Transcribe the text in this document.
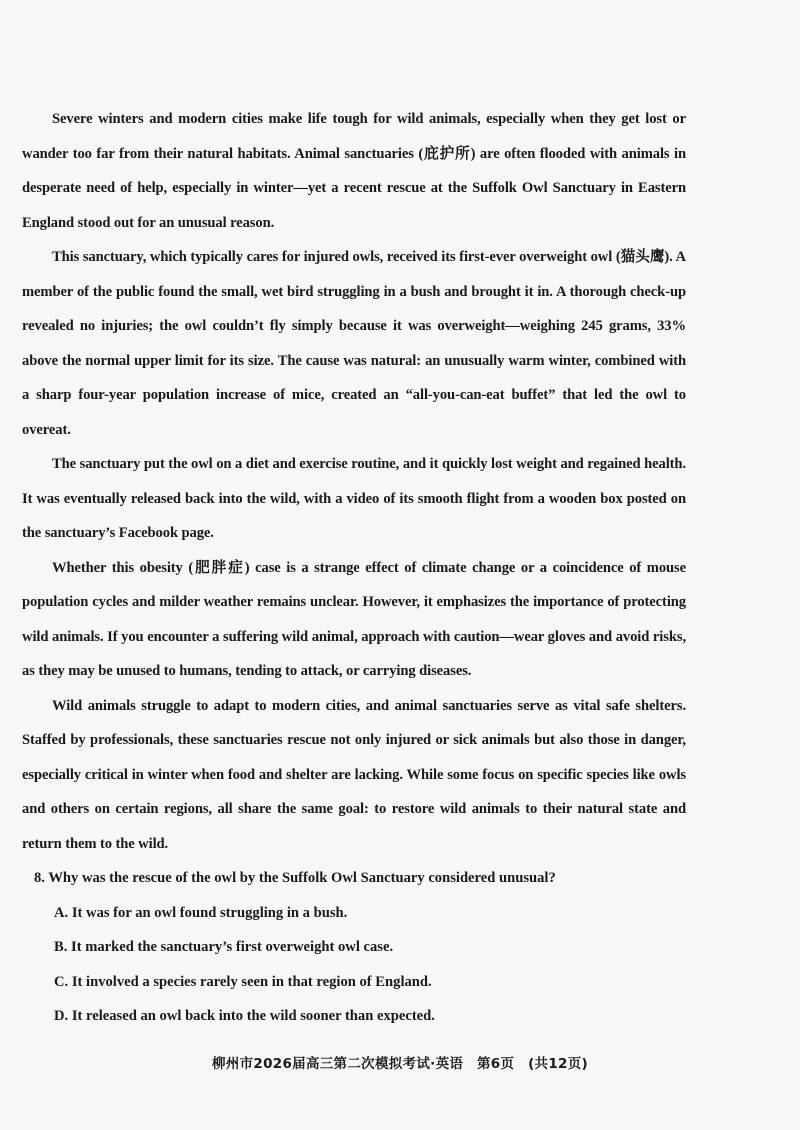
Severe winters and modern cities make life tough for wild animals, especially when they get lost or wander too far from their natural habitats. Animal sanctuaries (庇护所) are often flooded with animals in desperate need of help, especially in winter—yet a recent rescue at the Suffolk Owl Sanctuary in Eastern England stood out for an unusual reason.

This sanctuary, which typically cares for injured owls, received its first-ever overweight owl (猫头鹰). A member of the public found the small, wet bird struggling in a bush and brought it in. A thorough check-up revealed no injuries; the owl couldn’t fly simply because it was overweight—weighing 245 grams, 33% above the normal upper limit for its size. The cause was natural: an unusually warm winter, combined with a sharp four-year population increase of mice, created an “all-you-can-eat buffet” that led the owl to overeat.

The sanctuary put the owl on a diet and exercise routine, and it quickly lost weight and regained health. It was eventually released back into the wild, with a video of its smooth flight from a wooden box posted on the sanctuary’s Facebook page.

Whether this obesity (肥胖症) case is a strange effect of climate change or a coincidence of mouse population cycles and milder weather remains unclear. However, it emphasizes the importance of protecting wild animals. If you encounter a suffering wild animal, approach with caution—wear gloves and avoid risks, as they may be unused to humans, tending to attack, or carrying diseases.

Wild animals struggle to adapt to modern cities, and animal sanctuaries serve as vital safe shelters. Staffed by professionals, these sanctuaries rescue not only injured or sick animals but also those in danger, especially critical in winter when food and shelter are lacking. While some focus on specific species like owls and others on certain regions, all share the same goal: to restore wild animals to their natural state and return them to the wild.

8. Why was the rescue of the owl by the Suffolk Owl Sanctuary considered unusual?

A. It was for an owl found struggling in a bush.
B. It marked the sanctuary’s first overweight owl case.
C. It involved a species rarely seen in that region of England.
D. It released an owl back into the wild sooner than expected.
柳州市2026届高三第二次模拟考试·英语　第6页　(共12页)
